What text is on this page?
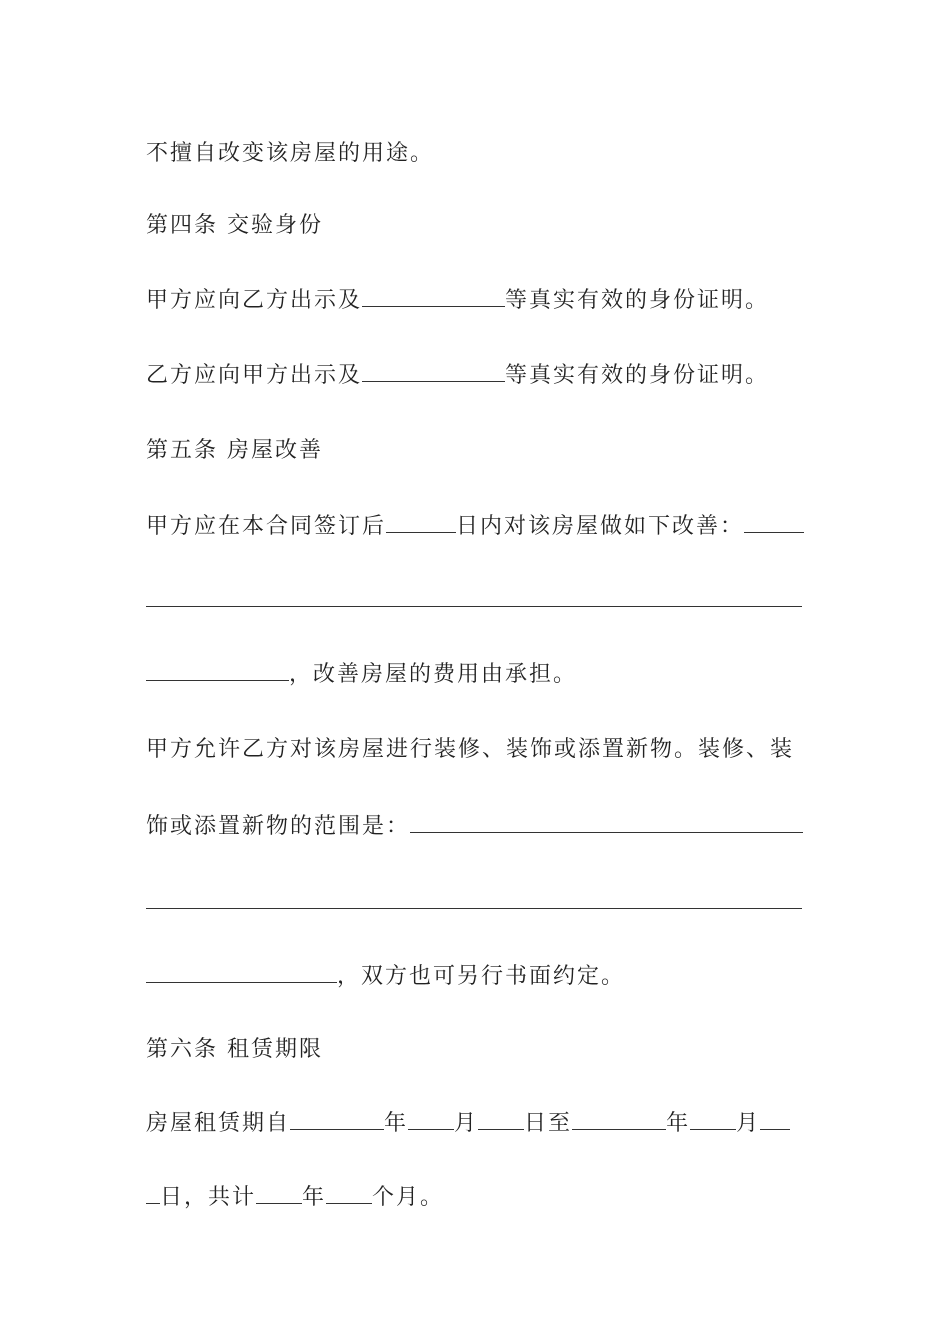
不擅自改变该房屋的用途。
第四条 交验身份
甲方应向乙方出示及	等真实有效的身份证明。
乙方应向甲方出示及	等真实有效的身份证明。
第五条 房屋改善
甲方应在本合同签订后	日内对该房屋做如下改善：
，改善房屋的费用由承担。
甲方允许乙方对该房屋进行装修、装饰或添置新物。装修、装
饰或添置新物的范围是：
，双方也可另行书面约定。
第六条 租赁期限
房屋租赁期自	年 月 日至	年 月
日，共计 年 个月。
